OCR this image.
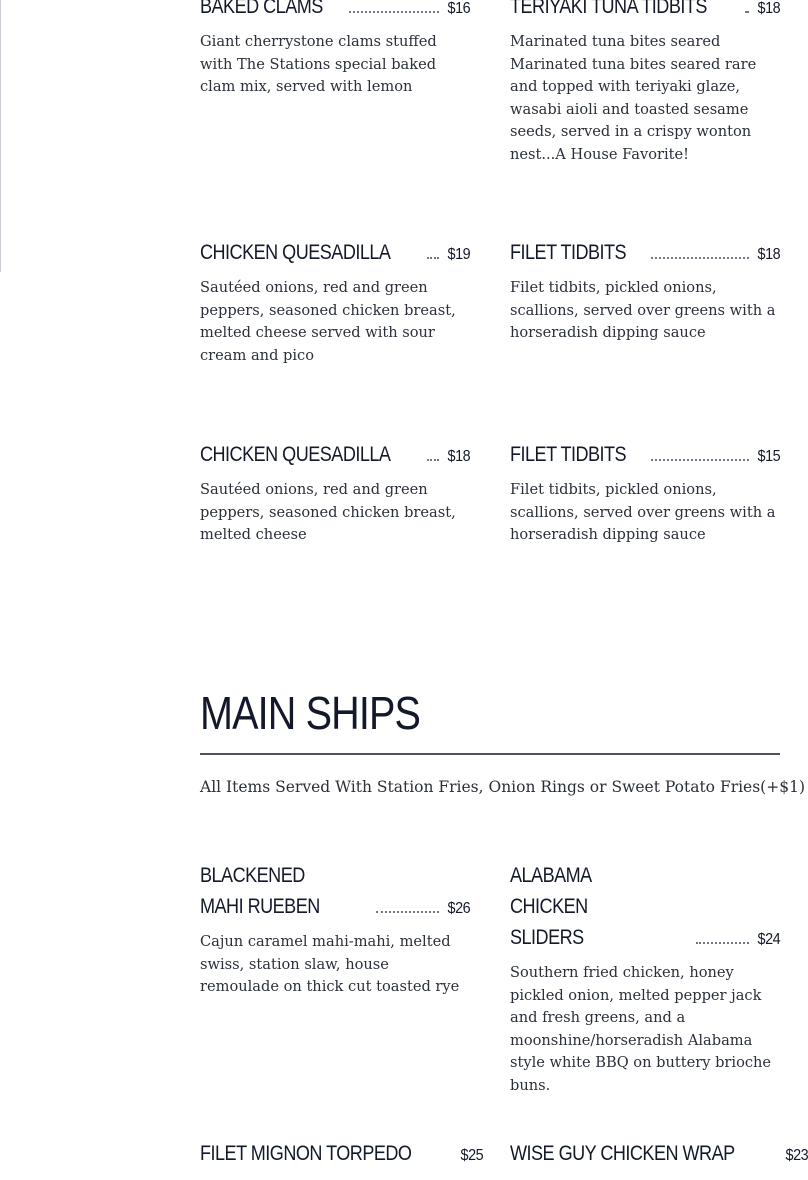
BAKED CLAMS	$16
Giant cherrystone clams stuffed with The Stations special baked clam mix, served with lemon
TERIYAKI TUNA TIDBITS	$18
Marinated tuna bites seared Marinated tuna bites seared rare and topped with teriyaki glaze, wasabi aioli and toasted sesame seeds, served in a crispy wonton nest...A House Favorite!
CHICKEN QUESADILLA	$19
Sautéed onions, red and green peppers, seasoned chicken breast, melted cheese served with sour cream and pico
FILET TIDBITS	$18
Filet tidbits, pickled onions, scallions, served over greens with a horseradish dipping sauce
CHICKEN QUESADILLA	$18
Sautéed onions, red and green peppers, seasoned chicken breast, melted cheese
FILET TIDBITS	$15
Filet tidbits, pickled onions, scallions, served over greens with a horseradish dipping sauce
MAIN SHIPS
All Items Served With Station Fries, Onion Rings or Sweet Potato Fries(+$1)
BLACKENED MAHI RUEBEN	$26
Cajun caramel mahi-mahi, melted swiss, station slaw, house remoulade on thick cut toasted rye
ALABAMA CHICKEN SLIDERS	$24
Southern fried chicken, honey pickled onion, melted pepper jack and fresh greens, and a moonshine/horseradish Alabama style white BBQ on buttery brioche buns.
FILET MIGNON TORPEDO	$25 WISE GUY CHICKEN WRAP	$23
